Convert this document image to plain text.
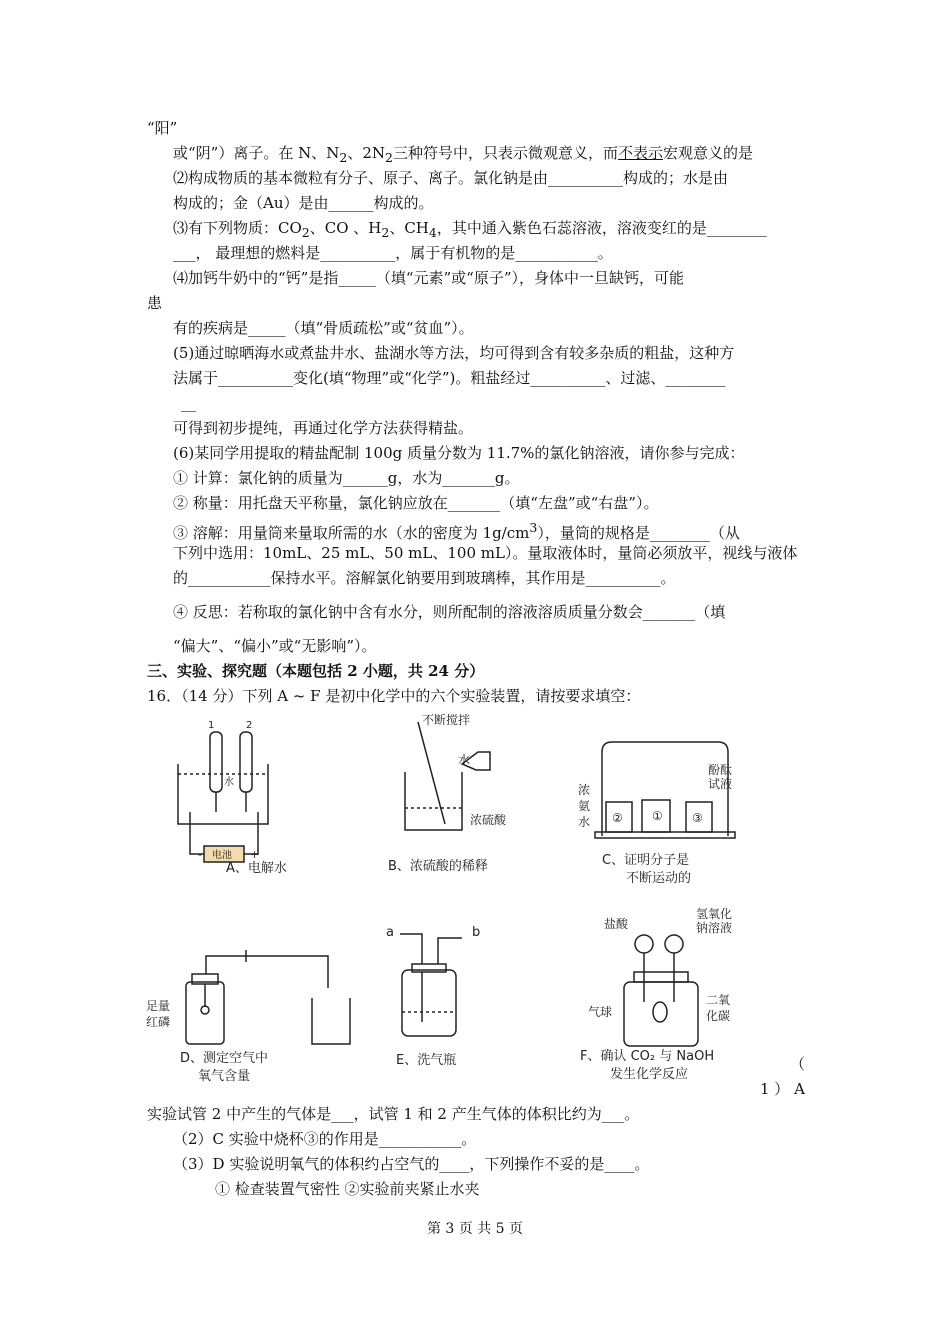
“阳”
或“阴”）离子。在 N、$N_2$、$2N_2$三种符号中，只表示微观意义，而不表示宏观意义的是
⑵构成物质的基本微粒有分子、原子、离子。氯化钠是由__________构成的；水是由
构成的；金（Au）是由______构成的。
⑶有下列物质：$CO_2$、CO 、$H_2$、$CH_4$，其中通入紫色石蕊溶液，溶液变红的是________
___， 最理想的燃料是__________，属于有机物的是___________。
⑷加钙牛奶中的“钙”是指_____（填“元素”或“原子”），身体中一旦缺钙，可能
患
有的疾病是_____（填“骨质疏松”或“贫血”）。
(5)通过晾晒海水或煮盐井水、盐湖水等方法，均可得到含有较多杂质的粗盐，这种方
法属于__________变化(填“物理”或“化学”)。粗盐经过__________、过滤、________
__
可得到初步提纯，再通过化学方法获得精盐。
(6)某同学用提取的精盐配制 100g 质量分数为 11.7%的氯化钠溶液，请你参与完成：
① 计算：氯化钠的质量为______g，水为_______g。
② 称量：用托盘天平称量，氯化钠应放在_______（填“左盘”或“右盘”）。
③ 溶解：用量筒来量取所需的水（水的密度为 $1g/cm^3$），量筒的规格是________（从
下列中选用：10mL、25 mL、50 mL、100 mL）。量取液体时，量筒必须放平，视线与液体
的___________保持水平。溶解氯化钠要用到玻璃棒，其作用是__________。
④ 反思：若称取的氯化钠中含有水分，则所配制的溶液溶质质量分数会_______（填
“偏大”、“偏小”或“无影响”）。
三、实验、探究题（本题包括 2 小题，共 24 分）
16．（14 分）下列 A ~ F 是初中化学中的六个实验装置，请按要求填空：
A、电解水
电池
水
-	+
1	2
B、浓硫酸的稀释
不断搅拌
水
浓硫酸
C、证明分子是
不断运动的
酚酞
试液
浓
氨
水	①
②	③
D、测定空气中
氧气含量
足量
红磷
E、洗气瓶
a	b
F、确认 CO₂ 与 NaOH
发生化学反应
盐酸
氢氧化
钠溶液
气球
二氧
化碳
（
1 ） A
实验试管 2 中产生的气体是___，试管 1 和 2 产生气体的体积比约为___。
（2）C 实验中烧杯③的作用是___________。
（3）D 实验说明氧气的体积约占空气的____，下列操作不妥的是____。
① 检查装置气密性 ②实验前夹紧止水夹
第 3 页 共 5 页
